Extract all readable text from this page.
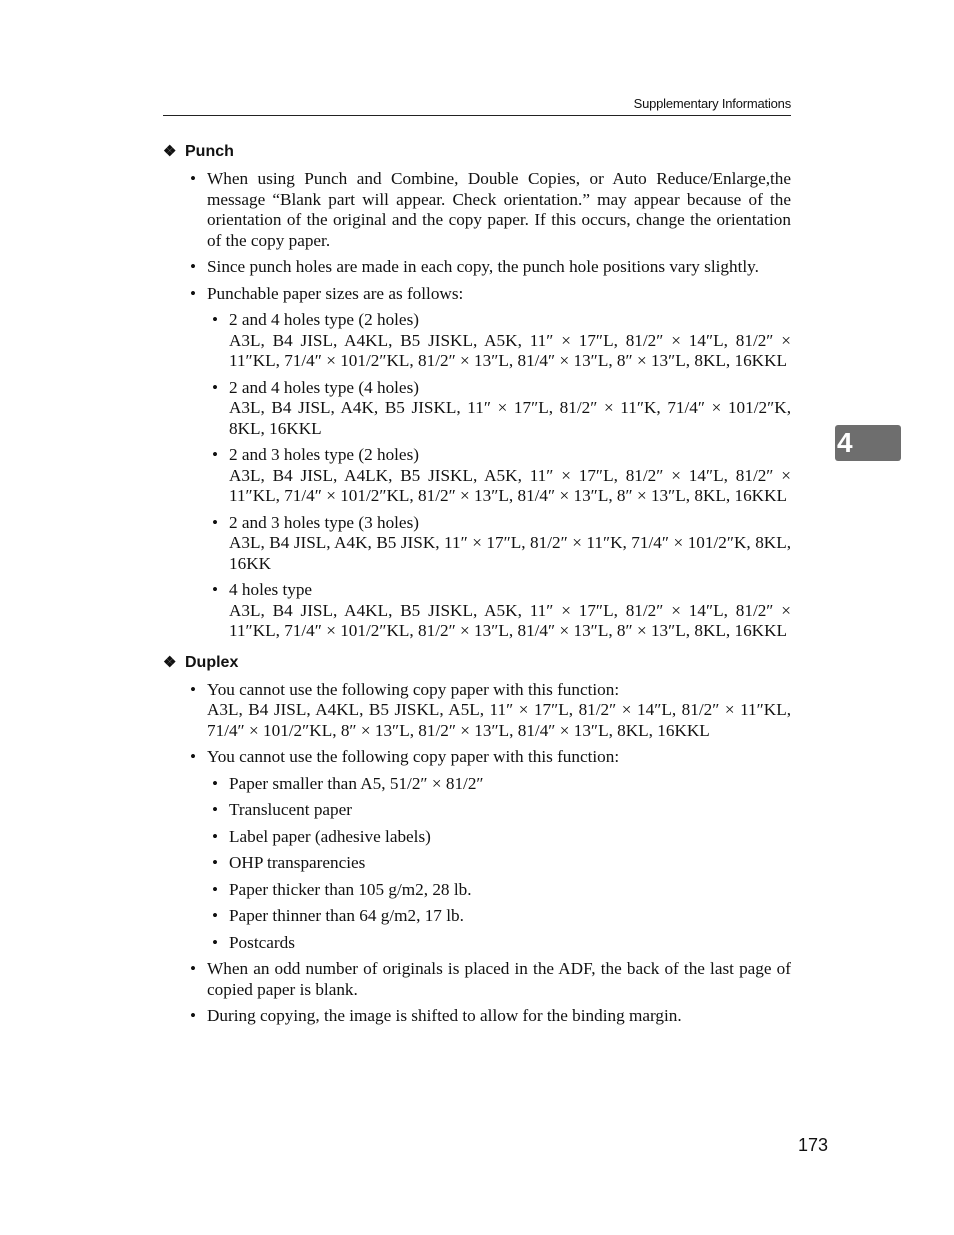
Supplementary Informations
❖ Punch
• When using Punch and Combine, Double Copies, or Auto Reduce/Enlarge,the message “Blank part will appear. Check orientation.” may appear because of the orientation of the original and the copy paper. If this occurs, change the orientation of the copy paper.
• Since punch holes are made in each copy, the punch hole positions vary slightly.
• Punchable paper sizes are as follows:
• 2 and 4 holes type (2 holes)
A3L, B4 JISL, A4KL, B5 JISKL, A5K, 11″ × 17″L, 81/2″ × 14″L, 81/2″ × 11″KL, 71/4″ × 101/2″KL, 81/2″ × 13″L, 81/4″ × 13″L, 8″ × 13″L, 8KL, 16KKL
• 2 and 4 holes type (4 holes)
A3L, B4 JISL, A4K, B5 JISKL, 11″ × 17″L, 81/2″ × 11″K, 71/4″ × 101/2″K, 8KL, 16KKL
• 2 and 3 holes type (2 holes)
A3L, B4 JISL, A4LK, B5 JISKL, A5K, 11″ × 17″L, 81/2″ × 14″L, 81/2″ × 11″KL, 71/4″ × 101/2″KL, 81/2″ × 13″L, 81/4″ × 13″L, 8″ × 13″L, 8KL, 16KKL
• 2 and 3 holes type (3 holes)
A3L, B4 JISL, A4K, B5 JISK, 11″ × 17″L, 81/2″ × 11″K, 71/4″ × 101/2″K, 8KL, 16KK
• 4 holes type
A3L, B4 JISL, A4KL, B5 JISKL, A5K, 11″ × 17″L, 81/2″ × 14″L, 81/2″ × 11″KL, 71/4″ × 101/2″KL, 81/2″ × 13″L, 81/4″ × 13″L, 8″ × 13″L, 8KL, 16KKL
❖ Duplex
• You cannot use the following copy paper with this function:
A3L, B4 JISL, A4KL, B5 JISKL, A5L, 11″ × 17″L, 81/2″ × 14″L, 81/2″ × 11″KL, 71/4″ × 101/2″KL, 8″ × 13″L, 81/2″ × 13″L, 81/4″ × 13″L, 8KL, 16KKL
• You cannot use the following copy paper with this function:
• Paper smaller than A5, 51/2″ × 81/2″
• Translucent paper
• Label paper (adhesive labels)
• OHP transparencies
• Paper thicker than 105 g/m2, 28 lb.
• Paper thinner than 64 g/m2, 17 lb.
• Postcards
• When an odd number of originals is placed in the ADF, the back of the last page of copied paper is blank.
• During copying, the image is shifted to allow for the binding margin.
4
173
